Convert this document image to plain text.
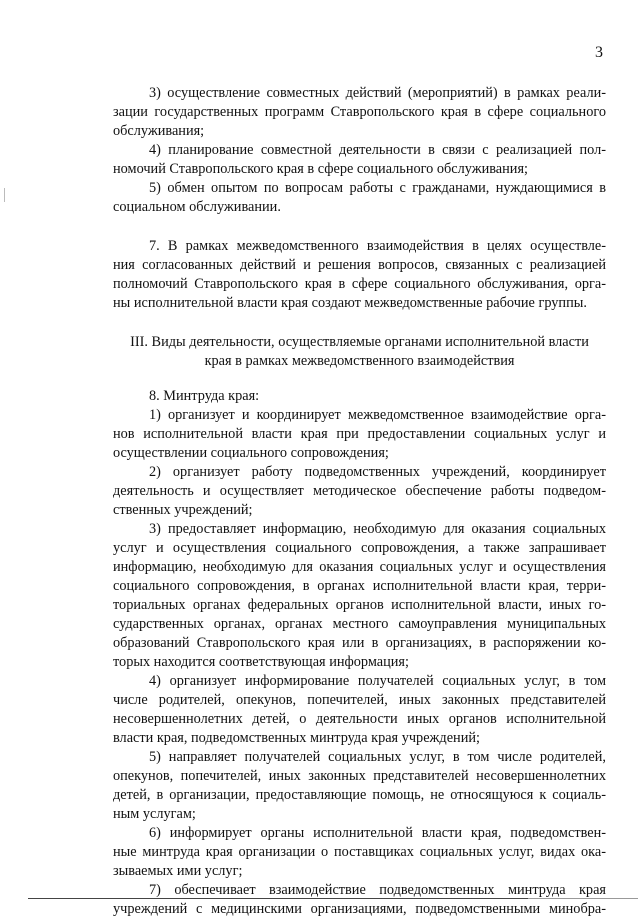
3
3) осуществление совместных действий (мероприятий) в рамках реали-
зации государственных программ Ставропольского края в сфере социального
обслуживания;
4) планирование совместной деятельности в связи с реализацией пол-
номочий Ставропольского края в сфере социального обслуживания;
5) обмен опытом по вопросам работы с гражданами, нуждающимися в
социальном обслуживании.
7. В рамках межведомственного взаимодействия в целях осуществле-
ния согласованных действий и решения вопросов, связанных с реализацией
полномочий Ставропольского края в сфере социального обслуживания, орга-
ны исполнительной власти края создают межведомственные рабочие группы.
III. Виды деятельности, осуществляемые органами исполнительной власти
края в рамках межведомственного взаимодействия
8. Минтруда края:
1) организует и координирует межведомственное взаимодействие орга-
нов исполнительной власти края при предоставлении социальных услуг и
осуществлении социального сопровождения;
2) организует работу подведомственных учреждений, координирует
деятельность и осуществляет методическое обеспечение работы подведом-
ственных учреждений;
3) предоставляет информацию, необходимую для оказания социальных
услуг и осуществления социального сопровождения, а также запрашивает
информацию, необходимую для оказания социальных услуг и осуществления
социального сопровождения, в органах исполнительной власти края, терри-
ториальных органах федеральных органов исполнительной власти, иных го-
сударственных органах, органах местного самоуправления муниципальных
образований Ставропольского края или в организациях, в распоряжении ко-
торых находится соответствующая информация;
4) организует информирование получателей социальных услуг, в том
числе родителей, опекунов, попечителей, иных законных представителей
несовершеннолетних детей, о деятельности иных органов исполнительной
власти края, подведомственных минтруда края учреждений;
5) направляет получателей социальных услуг, в том числе родителей,
опекунов, попечителей, иных законных представителей несовершеннолетних
детей, в организации, предоставляющие помощь, не относящуюся к социаль-
ным услугам;
6) информирует органы исполнительной власти края, подведомствен-
ные минтруда края организации о поставщиках социальных услуг, видах ока-
зываемых ими услуг;
7) обеспечивает взаимодействие подведомственных минтруда края
учреждений с медицинскими организациями, подведомственными минобра-
